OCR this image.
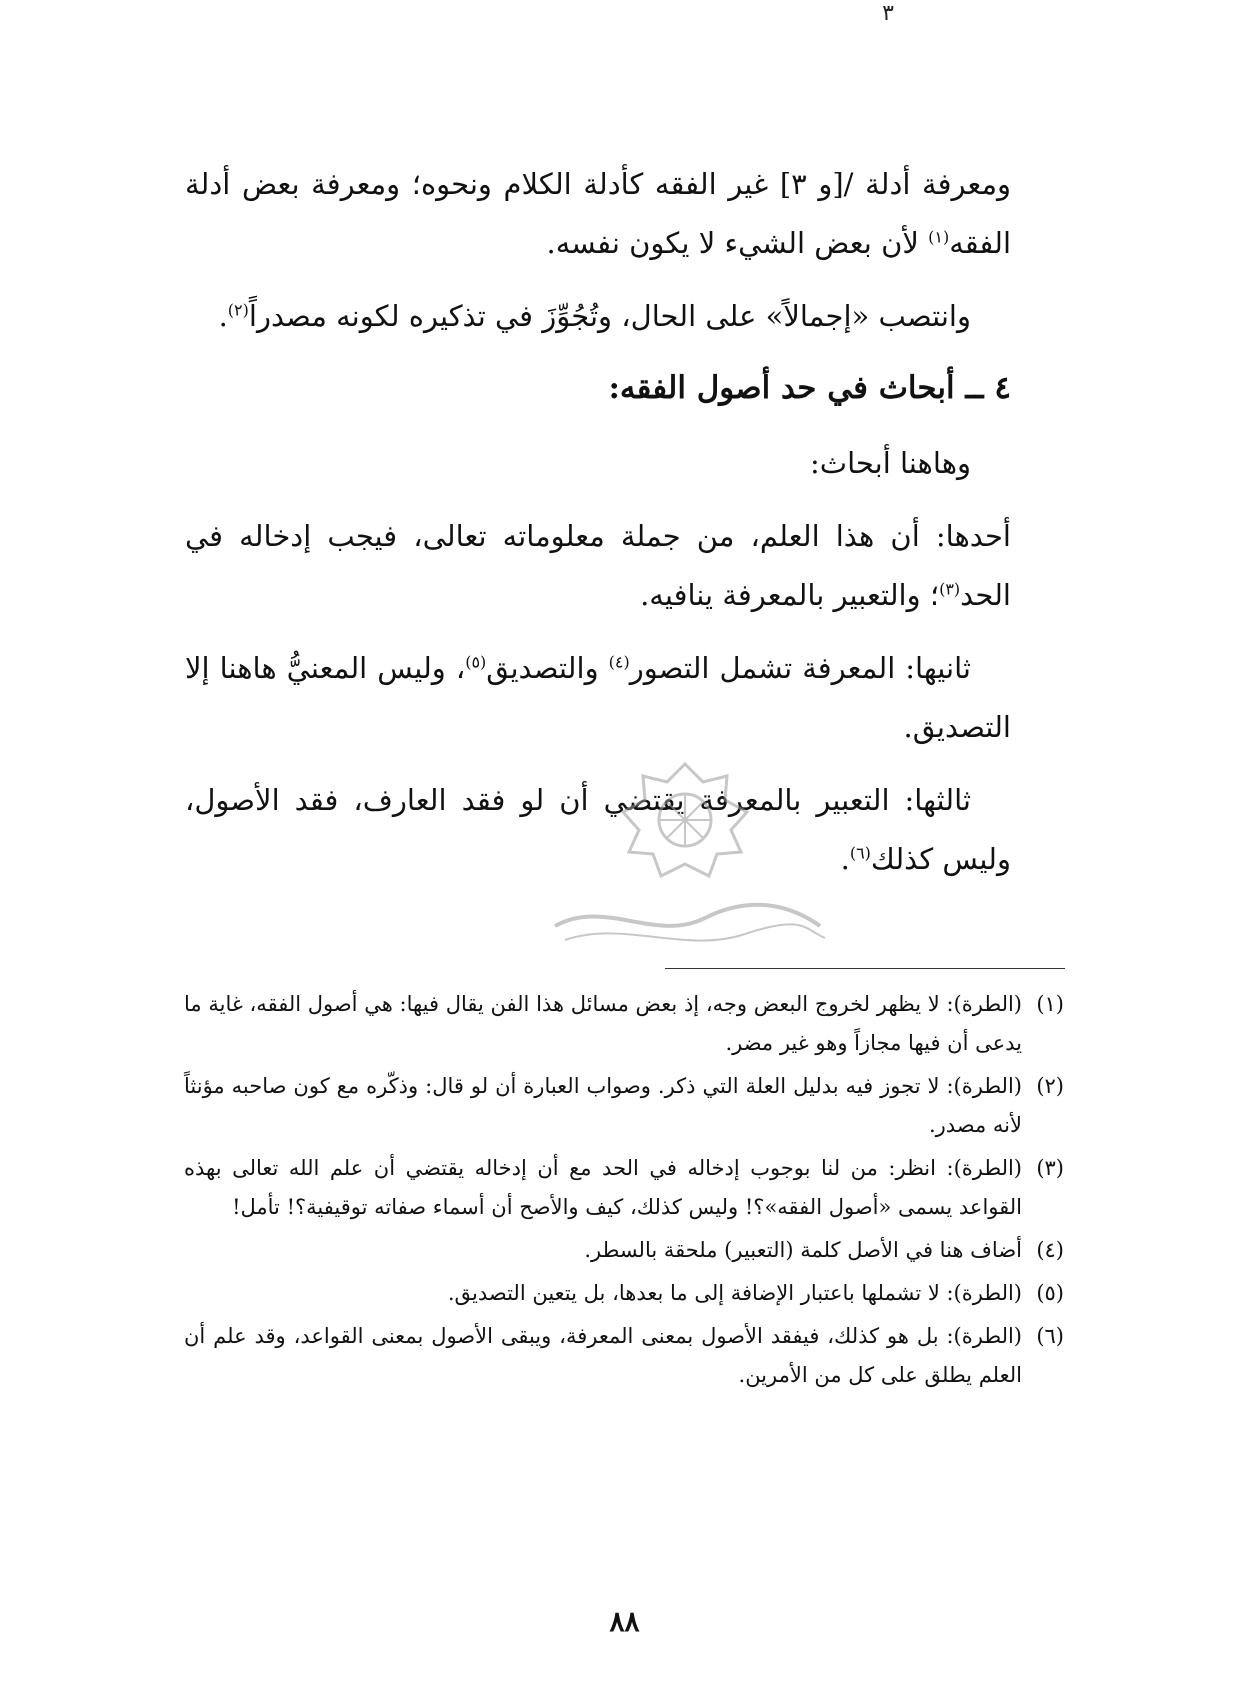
٣

ومعرفة أدلة /[و ٣] غير الفقه كأدلة الكلام ونحوه؛ ومعرفة بعض أدلة الفقه$^{(١)}$ لأن بعض الشيء لا يكون نفسه.

وانتصب «إجمالاً» على الحال، وتُجُوِّزَ في تذكيره لكونه مصدراً$^{(٢)}$.

٤ ــ أبحاث في حد أصول الفقه:

وهاهنا أبحاث:

أحدها: أن هذا العلم، من جملة معلوماته تعالى، فيجب إدخاله في الحد$^{(٣)}$؛ والتعبير بالمعرفة ينافيه.

ثانيها: المعرفة تشمل التصور$^{(٤)}$ والتصديق$^{(٥)}$، وليس المعنيُّ هاهنا إلا التصديق.

ثالثها: التعبير بالمعرفة يقتضي أن لو فقد العارف، فقد الأصول، وليس كذلك$^{(٦)}$.

(١)
(الطرة): لا يظهر لخروج البعض وجه، إذ بعض مسائل هذا الفن يقال فيها: هي أصول الفقه، غاية ما يدعى أن فيها مجازاً وهو غير مضر.
(٢)
(الطرة): لا تجوز فيه بدليل العلة التي ذكر. وصواب العبارة أن لو قال: وذكّره مع كون صاحبه مؤنثاً لأنه مصدر.
(٣)
(الطرة): انظر: من لنا بوجوب إدخاله في الحد مع أن إدخاله يقتضي أن علم الله تعالى بهذه القواعد يسمى «أصول الفقه»؟! وليس كذلك، كيف والأصح أن أسماء صفاته توقيفية؟! تأمل!
(٤)
أضاف هنا في الأصل كلمة (التعبير) ملحقة بالسطر.
(٥)
(الطرة): لا تشملها باعتبار الإضافة إلى ما بعدها، بل يتعين التصديق.
(٦)
(الطرة): بل هو كذلك، فيفقد الأصول بمعنى المعرفة، ويبقى الأصول بمعنى القواعد، وقد علم أن العلم يطلق على كل من الأمرين.
٨٨
